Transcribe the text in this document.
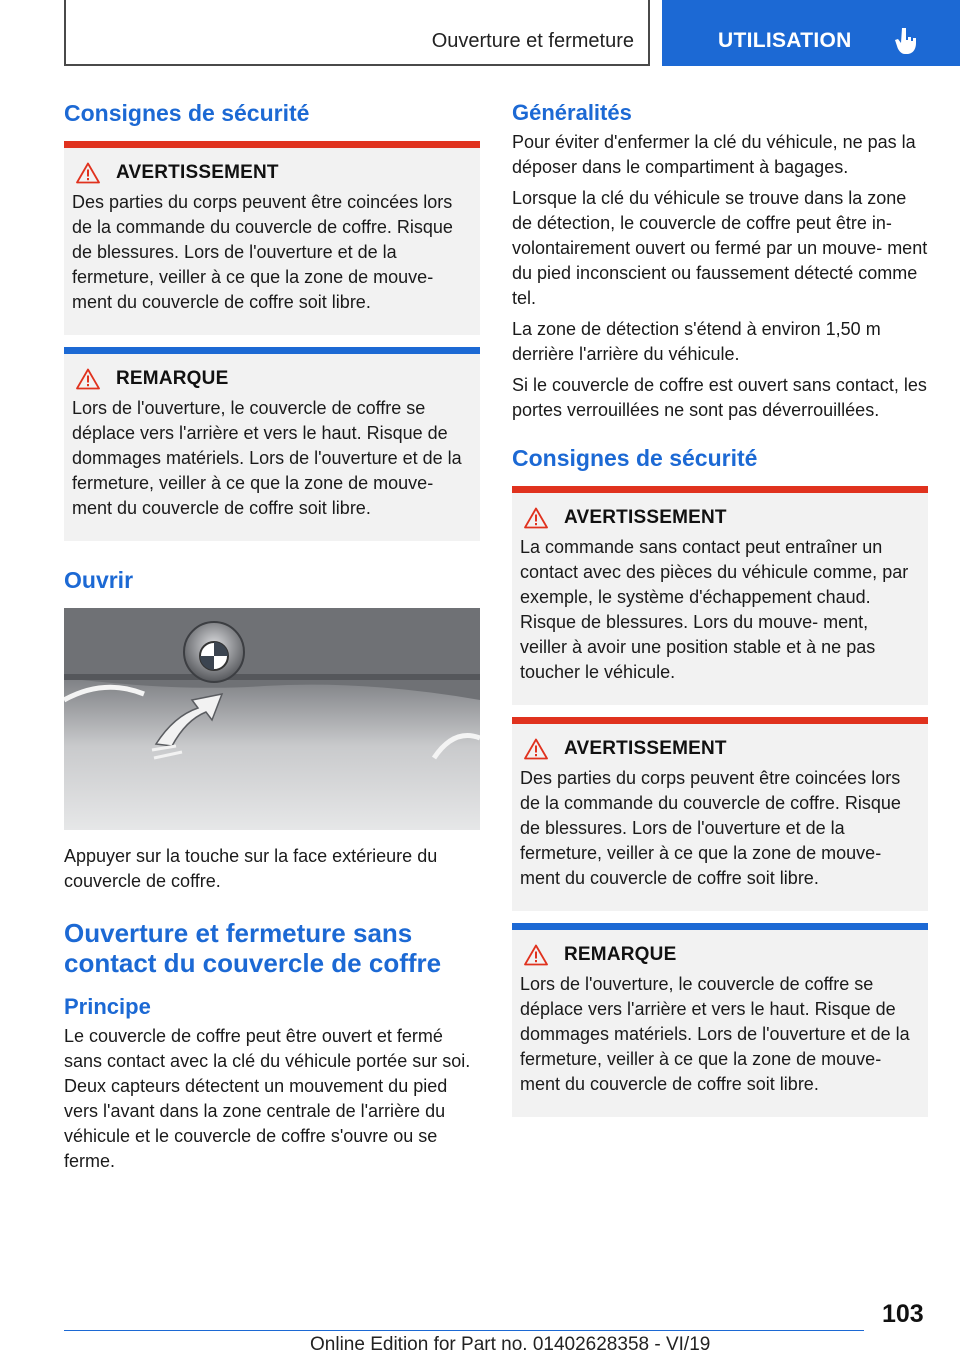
Ouverture et fermeture	UTILISATION
Consignes de sécurité
AVERTISSEMENT

Des parties du corps peuvent être coincées lors de la commande du couvercle de coffre. Risque de blessures. Lors de l'ouverture et de la fermeture, veiller à ce que la zone de mouve‐ ment du couvercle de coffre soit libre.

REMARQUE

Lors de l'ouverture, le couvercle de coffre se déplace vers l'arrière et vers le haut. Risque de dommages matériels. Lors de l'ouverture et de la fermeture, veiller à ce que la zone de mouve‐ ment du couvercle de coffre soit libre.

Ouvrir

Appuyer sur la touche sur la face extérieure du couvercle de coffre.

Ouverture et fermeture sans contact du couvercle de coffre
Principe

Le couvercle de coffre peut être ouvert et fermé sans contact avec la clé du véhicule portée sur soi. Deux capteurs détectent un mouvement du pied vers l'avant dans la zone centrale de l'arrière du véhicule et le couvercle de coffre s'ouvre ou se ferme.

Généralités

Pour éviter d'enfermer la clé du véhicule, ne pas la déposer dans le compartiment à bagages.

Lorsque la clé du véhicule se trouve dans la zone de détection, le couvercle de coffre peut être in‐ volontairement ouvert ou fermé par un mouve‐ ment du pied inconscient ou faussement détecté comme tel.

La zone de détection s'étend à environ 1,50 m derrière l'arrière du véhicule.

Si le couvercle de coffre est ouvert sans contact, les portes verrouillées ne sont pas déverrouillées.

Consignes de sécurité
AVERTISSEMENT

La commande sans contact peut entraîner un contact avec des pièces du véhicule comme, par exemple, le système d'échappement chaud. Risque de blessures. Lors du mouve‐ ment, veiller à avoir une position stable et à ne pas toucher le véhicule.

AVERTISSEMENT

Des parties du corps peuvent être coincées lors de la commande du couvercle de coffre. Risque de blessures. Lors de l'ouverture et de la fermeture, veiller à ce que la zone de mouve‐ ment du couvercle de coffre soit libre.

REMARQUE

Lors de l'ouverture, le couvercle de coffre se déplace vers l'arrière et vers le haut. Risque de dommages matériels. Lors de l'ouverture et de la fermeture, veiller à ce que la zone de mouve‐ ment du couvercle de coffre soit libre.

103
Online Edition for Part no. 01402628358 - VI/19
